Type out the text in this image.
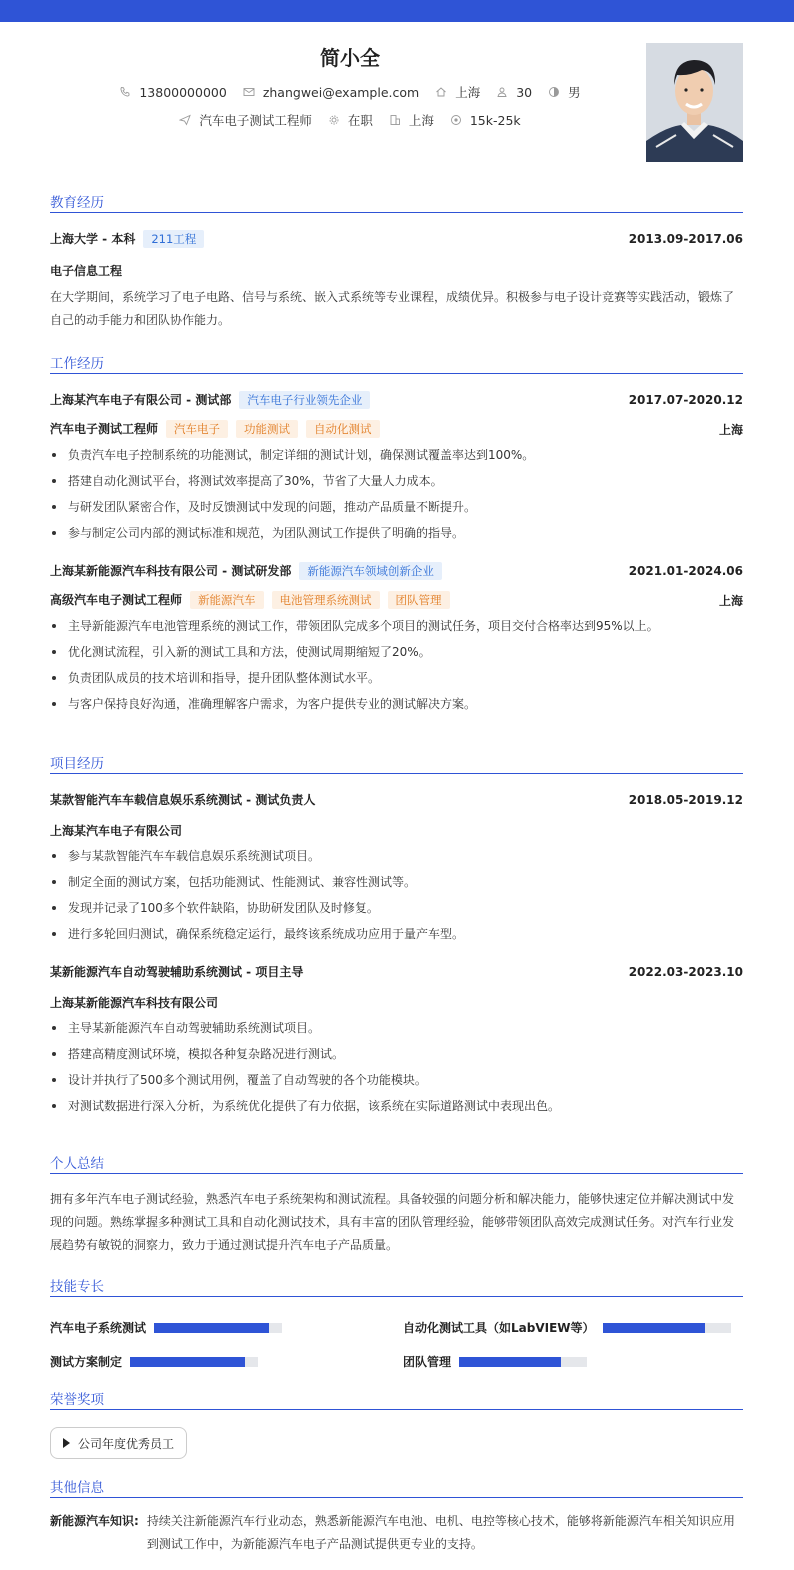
简小全
13800000000	zhangwei@example.com	上海	30	男
汽车电子测试工程师	在职	上海	15k-25k
教育经历
上海大学 - 本科 211工程	2013.09-2017.06
电子信息工程
在大学期间，系统学习了电子电路、信号与系统、嵌入式系统等专业课程，成绩优异。积极参与电子设计竞赛等实践活动，锻炼了自己的动手能力和团队协作能力。
工作经历
上海某汽车电子有限公司 - 测试部 汽车电子行业领先企业	2017.07-2020.12
汽车电子测试工程师 汽车电子 功能测试 自动化测试	上海
负责汽车电子控制系统的功能测试，制定详细的测试计划，确保测试覆盖率达到100%。
搭建自动化测试平台，将测试效率提高了30%，节省了大量人力成本。
与研发团队紧密合作，及时反馈测试中发现的问题，推动产品质量不断提升。
参与制定公司内部的测试标准和规范，为团队测试工作提供了明确的指导。
上海某新能源汽车科技有限公司 - 测试研发部 新能源汽车领域创新企业	2021.01-2024.06
高级汽车电子测试工程师 新能源汽车 电池管理系统测试 团队管理	上海
主导新能源汽车电池管理系统的测试工作，带领团队完成多个项目的测试任务，项目交付合格率达到95%以上。
优化测试流程，引入新的测试工具和方法，使测试周期缩短了20%。
负责团队成员的技术培训和指导，提升团队整体测试水平。
与客户保持良好沟通，准确理解客户需求，为客户提供专业的测试解决方案。
项目经历
某款智能汽车车载信息娱乐系统测试 - 测试负责人	2018.05-2019.12
上海某汽车电子有限公司
参与某款智能汽车车载信息娱乐系统测试项目。
制定全面的测试方案，包括功能测试、性能测试、兼容性测试等。
发现并记录了100多个软件缺陷，协助研发团队及时修复。
进行多轮回归测试，确保系统稳定运行，最终该系统成功应用于量产车型。
某新能源汽车自动驾驶辅助系统测试 - 项目主导	2022.03-2023.10
上海某新能源汽车科技有限公司
主导某新能源汽车自动驾驶辅助系统测试项目。
搭建高精度测试环境，模拟各种复杂路况进行测试。
设计并执行了500多个测试用例，覆盖了自动驾驶的各个功能模块。
对测试数据进行深入分析，为系统优化提供了有力依据，该系统在实际道路测试中表现出色。
个人总结
拥有多年汽车电子测试经验，熟悉汽车电子系统架构和测试流程。具备较强的问题分析和解决能力，能够快速定位并解决测试中发现的问题。熟练掌握多种测试工具和自动化测试技术，具有丰富的团队管理经验，能够带领团队高效完成测试任务。对汽车行业发展趋势有敏锐的洞察力，致力于通过测试提升汽车电子产品质量。
技能专长
汽车电子系统测试	自动化测试工具（如LabVIEW等）
测试方案制定	团队管理
荣誉奖项
公司年度优秀员工
其他信息
新能源汽车知识: 持续关注新能源汽车行业动态，熟悉新能源汽车电池、电机、电控等核心技术，能够将新能源汽车相关知识应用到测试工作中，为新能源汽车电子产品测试提供更专业的支持。
